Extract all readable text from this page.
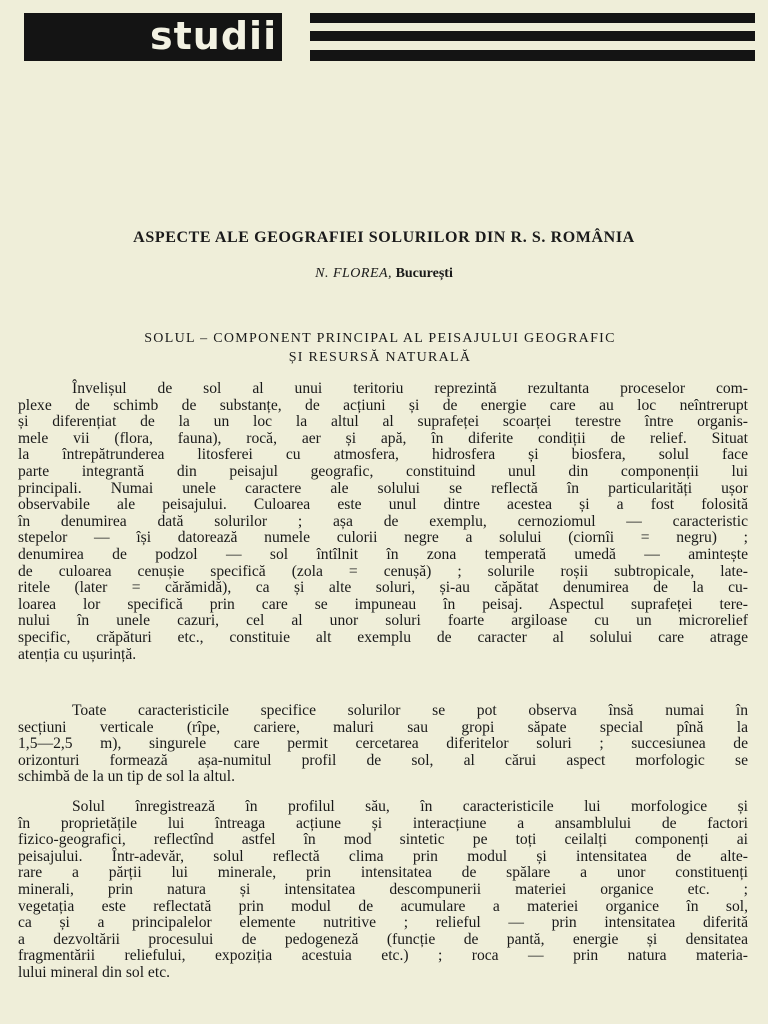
studii
ASPECTE ALE GEOGRAFIEI SOLURILOR DIN R. S. ROMÂNIA
N. FLOREA, București
SOLUL – COMPONENT PRINCIPAL AL PEISAJULUI GEOGRAFIC
ȘI RESURSĂ NATURALĂ
Învelișul de sol al unui teritoriu reprezintă rezultanta proceselor com-
plexe de schimb de substanțe, de acțiuni și de energie care au loc neîntrerupt
și diferențiat de la un loc la altul al suprafeței scoarței terestre între organis-
mele vii (flora, fauna), rocă, aer și apă, în diferite condiții de relief. Situat
la întrepătrunderea litosferei cu atmosfera, hidrosfera și biosfera, solul face
parte integrantă din peisajul geografic, constituind unul din componenții lui
principali. Numai unele caractere ale solului se reflectă în particularități ușor
observabile ale peisajului. Culoarea este unul dintre acestea și a fost folosită
în denumirea dată solurilor ; așa de exemplu, cernoziomul — caracteristic
stepelor — își datorează numele culorii negre a solului (ciornîi = negru) ;
denumirea de podzol — sol întîlnit în zona temperată umedă — amintește
de culoarea cenușie specifică (zola = cenușă) ; solurile roșii subtropicale, late-
ritele (later = cărămidă), ca și alte soluri, și-au căpătat denumirea de la cu-
loarea lor specifică prin care se impuneau în peisaj. Aspectul suprafeței tere-
nului în unele cazuri, cel al unor soluri foarte argiloase cu un microrelief
specific, crăpături etc., constituie alt exemplu de caracter al solului care atrage
atenția cu ușurință.
Toate caracteristicile specifice solurilor se pot observa însă numai în
secțiuni verticale (rîpe, cariere, maluri sau gropi săpate special pînă la
1,5—2,5 m), singurele care permit cercetarea diferitelor soluri ; succesiunea de
orizonturi formează așa-numitul profil de sol, al cărui aspect morfologic se
schimbă de la un tip de sol la altul.
Solul înregistrează în profilul său, în caracteristicile lui morfologice și
în proprietățile lui întreaga acțiune și interacțiune a ansamblului de factori
fizico-geografici, reflectînd astfel în mod sintetic pe toți ceilalți componenți ai
peisajului. Într-adevăr, solul reflectă clima prin modul și intensitatea de alte-
rare a părții lui minerale, prin intensitatea de spălare a unor constituenți
minerali, prin natura și intensitatea descompunerii materiei organice etc. ;
vegetația este reflectată prin modul de acumulare a materiei organice în sol,
ca și a principalelor elemente nutritive ; relieful — prin intensitatea diferită
a dezvoltării procesului de pedogeneză (funcție de pantă, energie și densitatea
fragmentării reliefului, expoziția acestuia etc.) ; roca — prin natura materia-
lului mineral din sol etc.
